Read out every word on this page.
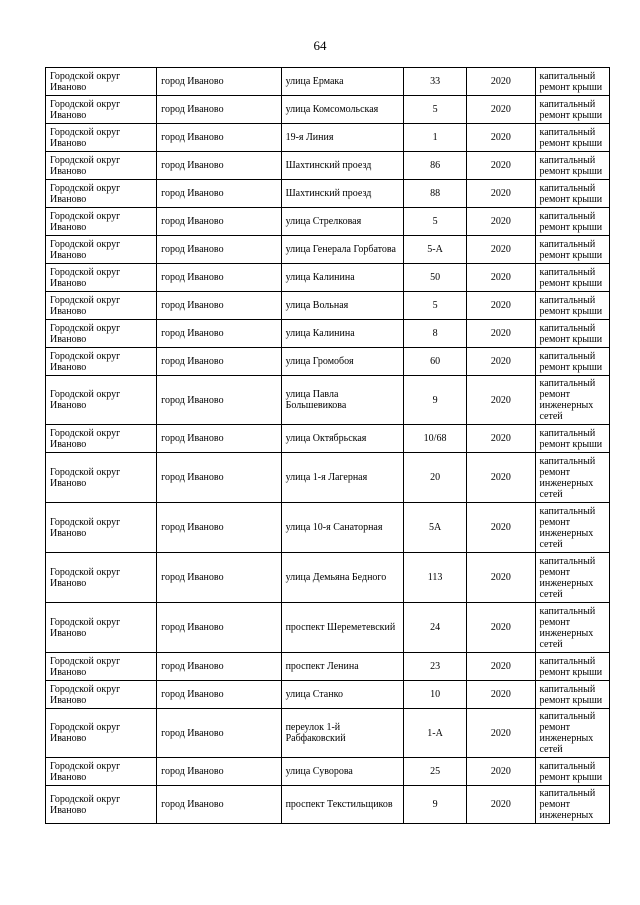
64
Городской округ Иваново	город Иваново	улица Ермака	33	2020	капитальный ремонт крыши
Городской округ Иваново	город Иваново	улица Комсомольская	5	2020	капитальный ремонт крыши
Городской округ Иваново	город Иваново	19-я Линия	1	2020	капитальный ремонт крыши
Городской округ Иваново	город Иваново	Шахтинский проезд	86	2020	капитальный ремонт крыши
Городской округ Иваново	город Иваново	Шахтинский проезд	88	2020	капитальный ремонт крыши
Городской округ Иваново	город Иваново	улица Стрелковая	5	2020	капитальный ремонт крыши
Городской округ Иваново	город Иваново	улица Генерала Горбатова	5-А	2020	капитальный ремонт крыши
Городской округ Иваново	город Иваново	улица Калинина	50	2020	капитальный ремонт крыши
Городской округ Иваново	город Иваново	улица Вольная	5	2020	капитальный ремонт крыши
Городской округ Иваново	город Иваново	улица Калинина	8	2020	капитальный ремонт крыши
Городской округ Иваново	город Иваново	улица Громобоя	60	2020	капитальный ремонт крыши
Городской округ Иваново	город Иваново	улица Павла Большевикова	9	2020	капитальный ремонт инженерных сетей
Городской округ Иваново	город Иваново	улица Октябрьская	10/68	2020	капитальный ремонт крыши
Городской округ Иваново	город Иваново	улица 1-я Лагерная	20	2020	капитальный ремонт инженерных сетей
Городской округ Иваново	город Иваново	улица 10-я Санаторная	5А	2020	капитальный ремонт инженерных сетей
Городской округ Иваново	город Иваново	улица Демьяна Бедного	113	2020	капитальный ремонт инженерных сетей
Городской округ Иваново	город Иваново	проспект Шереметевский	24	2020	капитальный ремонт инженерных сетей
Городской округ Иваново	город Иваново	проспект Ленина	23	2020	капитальный ремонт крыши
Городской округ Иваново	город Иваново	улица Станко	10	2020	капитальный ремонт крыши
Городской округ Иваново	город Иваново	переулок 1-й Рабфаковский	1-А	2020	капитальный ремонт инженерных сетей
Городской округ Иваново	город Иваново	улица Суворова	25	2020	капитальный ремонт крыши
Городской округ Иваново	город Иваново	проспект Текстильщиков	9	2020	капитальный ремонт инженерных
